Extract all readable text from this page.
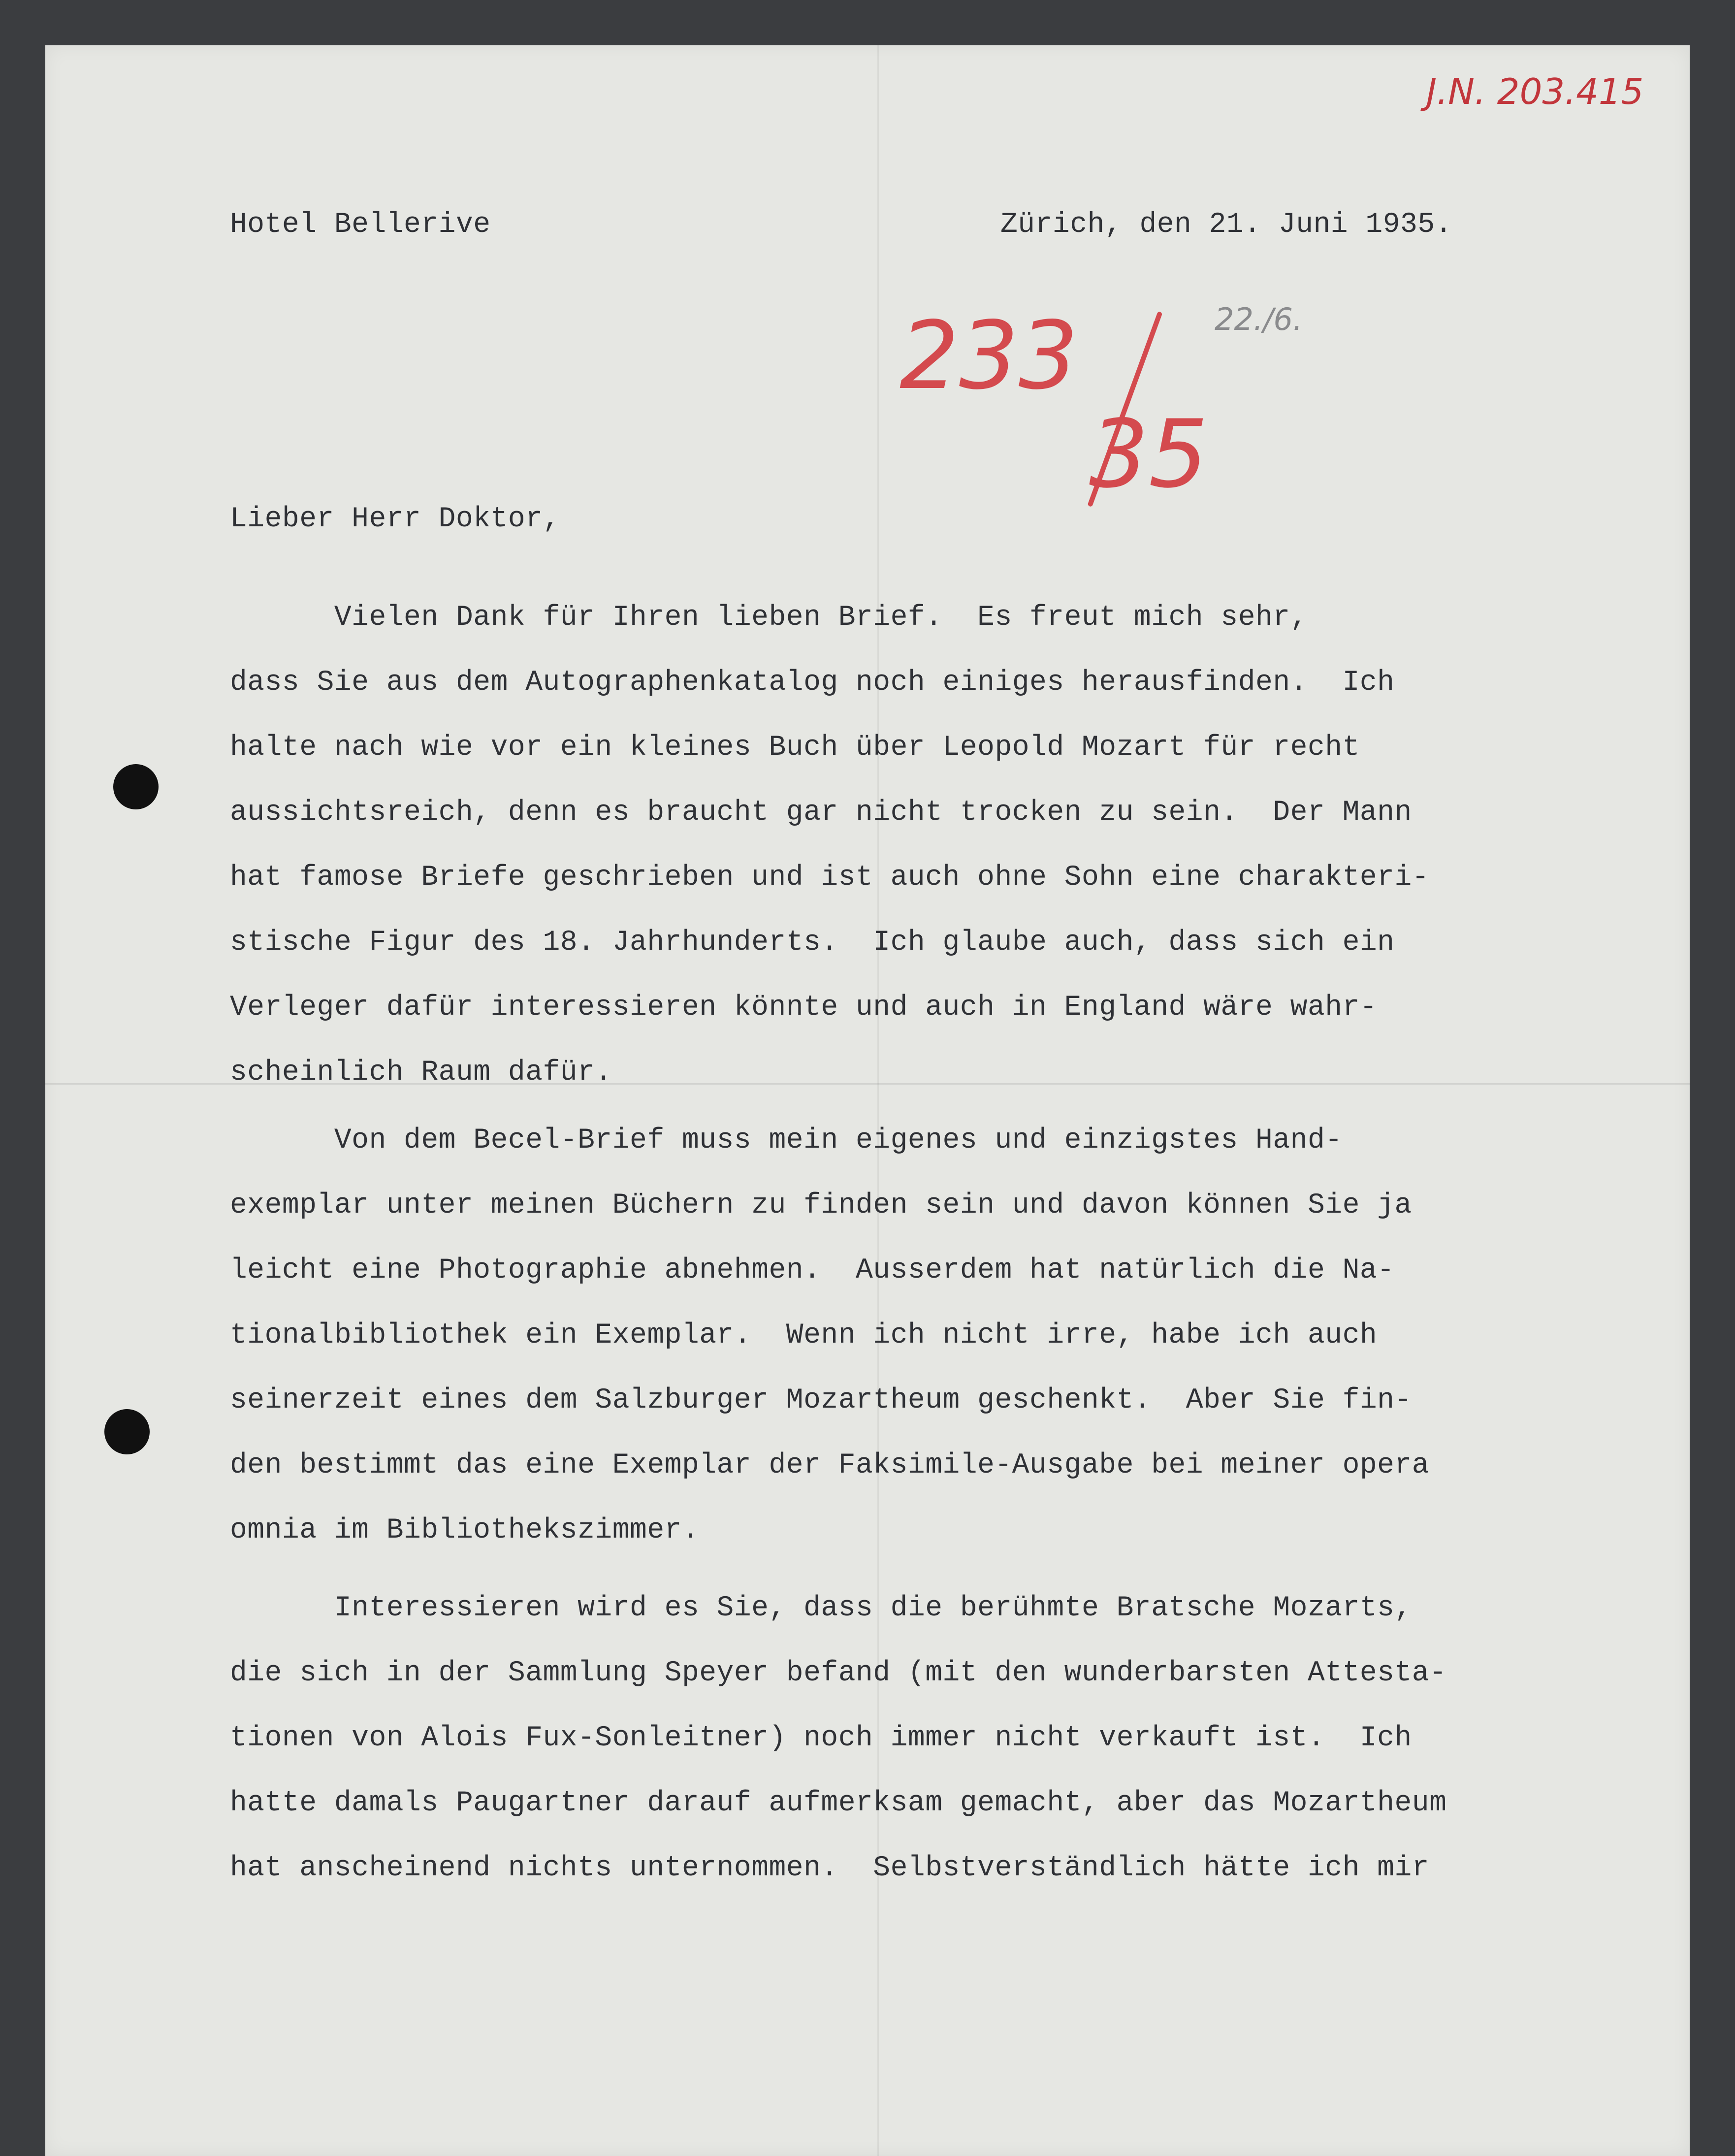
J.N. 203.415
233
35
22./6.
Hotel Bellerive	Zürich, den 21. Juni 1935.
Lieber Herr Doktor,

Vielen Dank für Ihren lieben Brief.  Es freut mich sehr,

dass Sie aus dem Autographenkatalog noch einiges herausfinden.  Ich

halte nach wie vor ein kleines Buch über Leopold Mozart für recht

aussichtsreich, denn es braucht gar nicht trocken zu sein.  Der Mann

hat famose Briefe geschrieben und ist auch ohne Sohn eine charakteri-

stische Figur des 18. Jahrhunderts.  Ich glaube auch, dass sich ein

Verleger dafür interessieren könnte und auch in England wäre wahr-

scheinlich Raum dafür.

Von dem Becel-Brief muss mein eigenes und einzigstes Hand-

exemplar unter meinen Büchern zu finden sein und davon können Sie ja

leicht eine Photographie abnehmen.  Ausserdem hat natürlich die Na-

tionalbibliothek ein Exemplar.  Wenn ich nicht irre, habe ich auch

seinerzeit eines dem Salzburger Mozartheum geschenkt.  Aber Sie fin-

den bestimmt das eine Exemplar der Faksimile-Ausgabe bei meiner opera

omnia im Bibliothekszimmer.

Interessieren wird es Sie, dass die berühmte Bratsche Mozarts,

die sich in der Sammlung Speyer befand (mit den wunderbarsten Attesta-

tionen von Alois Fux-Sonleitner) noch immer nicht verkauft ist.  Ich

hatte damals Paugartner darauf aufmerksam gemacht, aber das Mozartheum

hat anscheinend nichts unternommen.  Selbstverständlich hätte ich mir
